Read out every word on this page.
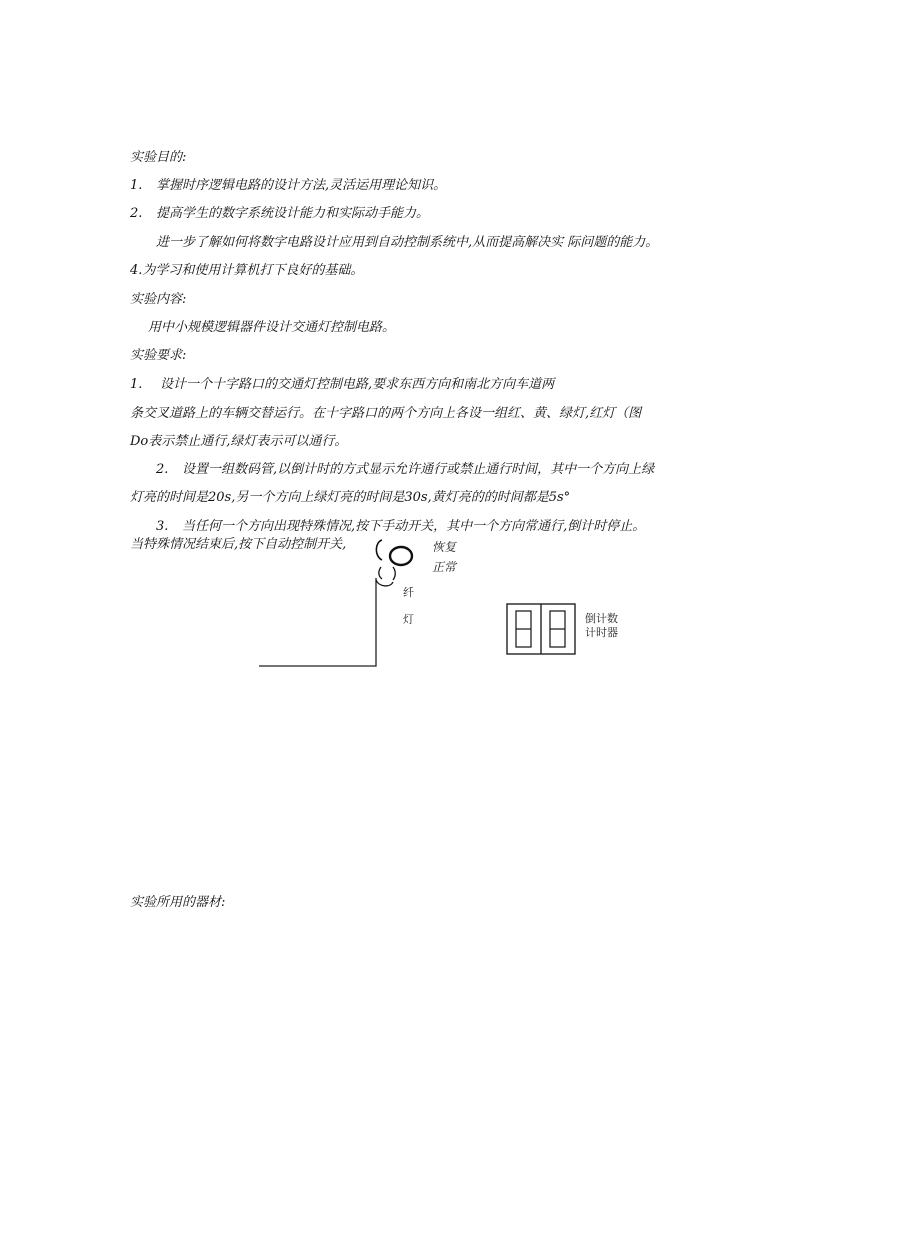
实验目的:
1. 掌握时序逻辑电路的设计方法,灵活运用理论知识。
2. 提高学生的数字系统设计能力和实际动手能力。
进一步了解如何将数字电路设计应用到自动控制系统中,从而提高解决实 际问题的能力。
4.为学习和使用计算机打下良好的基础。
实验内容:
用中小规模逻辑器件设计交通灯控制电路。
实验要求:
1. 设计一个十字路口的交通灯控制电路,要求东西方向和南北方向车道两
条交叉道路上的车辆交替运行。在十字路口的两个方向上各设一组红、黄、绿灯,红灯（图
Do表示禁止通行,绿灯表示可以通行。
2. 设置一组数码管,以倒计时的方式显示允许通行或禁止通行时间，其中一个方向上绿
灯亮的时间是20s,另一个方向上绿灯亮的时间是30s,黄灯亮的的时间都是5s°
3. 当任何一个方向出现特殊情况,按下手动开关，其中一个方向常通行,倒计时停止。
当特殊情况结束后,按下自动控制开关,	恢复
正常
纤
灯	倒计数
计时器
实验所用的器材:
